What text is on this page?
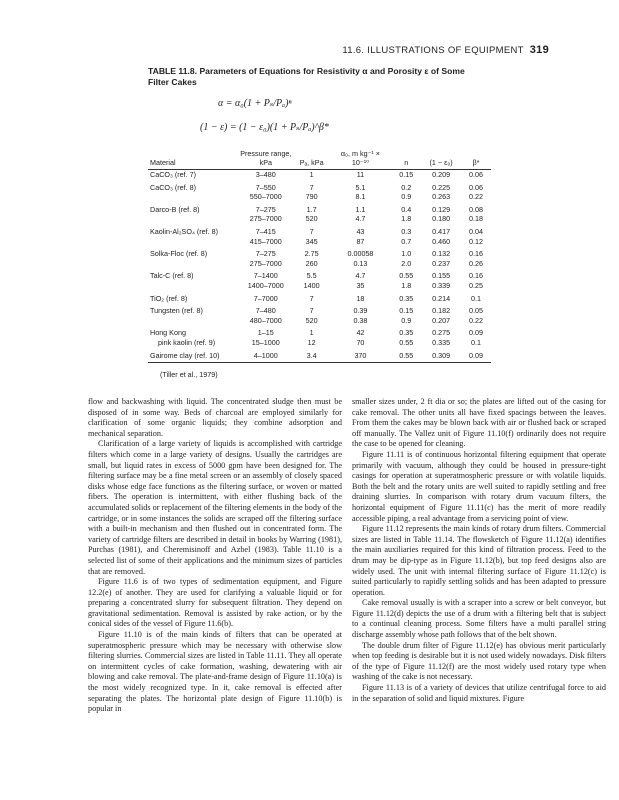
11.6. ILLUSTRATIONS OF EQUIPMENT 319
TABLE 11.8. Parameters of Equations for Resistivity α and Porosity ε of Some Filter Cakes
α = α₀(1 + Pₛ/Pₐ)ⁿ
(1 − ε) = (1 − ε₀)(1 + Pₛ/Pₐ)^β*
Material	Pressure range, kPa	Pₐ, kPa	α₀, m kg⁻¹ × 10⁻¹⁰	n	(1 − ε₀)	β*
CaCO₃ (ref. 7)	3–480	1	11	0.15	0.209	0.06
CaCO₃ (ref. 8)	7–550	7	5.1	0.2	0.225	0.06
	550–7000	790	8.1	0.9	0.263	0.22
Darco-B (ref. 8)	7–275	1.7	1.1	0.4	0.129	0.08
	275–7000	520	4.7	1.8	0.180	0.18
Kaolin-Al₂SO₄ (ref. 8)	7–415	7	43	0.3	0.417	0.04
	415–7000	345	87	0.7	0.460	0.12
Solka-Floc (ref. 8)	7–275	2.75	0.00058	1.0	0.132	0.16
	275–7000	260	0.13	2.0	0.237	0.26
Talc-C (ref. 8)	7–1400	5.5	4.7	0.55	0.155	0.16
	1400–7000	1400	35	1.8	0.339	0.25
TiO₂ (ref. 8)	7–7000	7	18	0.35	0.214	0.1
Tungsten (ref. 8)	7–480	7	0.39	0.15	0.182	0.05
	480–7000	520	0.38	0.9	0.207	0.22
Hong Kong	1–15	1	42	0.35	0.275	0.09
pink kaolin (ref. 9)	15–1000	12	70	0.55	0.335	0.1
Gairome clay (ref. 10)	4–1000	3.4	370	0.55	0.309	0.09
(Tiller et al., 1979)

flow and backwashing with liquid. The concentrated sludge then must be disposed of in some way. Beds of charcoal are employed similarly for clarification of some organic liquids; they combine adsorption and mechanical separation.

Clarification of a large variety of liquids is accomplished with cartridge filters which come in a large variety of designs. Usually the cartridges are small, but liquid rates in excess of 5000 gpm have been designed for. The filtering surface may be a fine metal screen or an assembly of closely spaced disks whose edge face functions as the filtering surface, or woven or matted fibers. The operation is intermittent, with either flushing back of the accumulated solids or replacement of the filtering elements in the body of the cartridge, or in some instances the solids are scraped off the filtering surface with a built-in mechanism and then flushed out in concentrated form. The variety of cartridge filters are described in detail in books by Warring (1981), Purchas (1981), and Cheremisinoff and Azbel (1983). Table 11.10 is a selected list of some of their applications and the minimum sizes of particles that are removed.

Figure 11.6 is of two types of sedimentation equipment, and Figure 12.2(e) of another. They are used for clarifying a valuable liquid or for preparing a concentrated slurry for subsequent filtration. They depend on gravitational sedimentation. Removal is assisted by rake action, or by the conical sides of the vessel of Figure 11.6(b).

Figure 11.10 is of the main kinds of filters that can be operated at superatmospheric pressure which may be necessary with otherwise slow filtering slurries. Commercial sizes are listed in Table 11.11. They all operate on intermittent cycles of cake formation, washing, dewatering with air blowing and cake removal. The plate-and-frame design of Figure 11.10(a) is the most widely recognized type. In it, cake removal is effected after separating the plates. The horizontal plate design of Figure 11.10(b) is popular in

smaller sizes under, 2 ft dia or so; the plates are lifted out of the casing for cake removal. The other units all have fixed spacings between the leaves. From them the cakes may be blown back with air or flushed back or scraped off manually. The Vallez unit of Figure 11.10(f) ordinarily does not require the case to be opened for cleaning.

Figure 11.11 is of continuous horizontal filtering equipment that operate primarily with vacuum, although they could be housed in pressure-tight casings for operation at superatmospheric pressure or with volatile liquids. Both the belt and the rotary units are well suited to rapidly settling and free draining slurries. In comparison with rotary drum vacuum filters, the horizontal equipment of Figure 11.11(c) has the merit of more readily accessible piping, a real advantage from a servicing point of view.

Figure 11.12 represents the main kinds of rotary drum filters. Commercial sizes are listed in Table 11.14. The flowsketch of Figure 11.12(a) identifies the main auxiliaries required for this kind of filtration process. Feed to the drum may be dip-type as in Figure 11.12(b), but top feed designs also are widely used. The unit with internal filtering surface of Figure 11.12(c) is suited particularly to rapidly settling solids and has been adapted to pressure operation.

Cake removal usually is with a scraper into a screw or belt conveyor, but Figure 11.12(d) depicts the use of a drum with a filtering belt that is subject to a continual cleaning process. Some filters have a multi parallel string discharge assembly whose path follows that of the belt shown.

The double drum filter of Figure 11.12(e) has obvious merit particularly when top feeding is desirable but it is not used widely nowadays. Disk filters of the type of Figure 11.12(f) are the most widely used rotary type when washing of the cake is not necessary.

Figure 11.13 is of a variety of devices that utilize centrifugal force to aid in the separation of solid and liquid mixtures. Figure
